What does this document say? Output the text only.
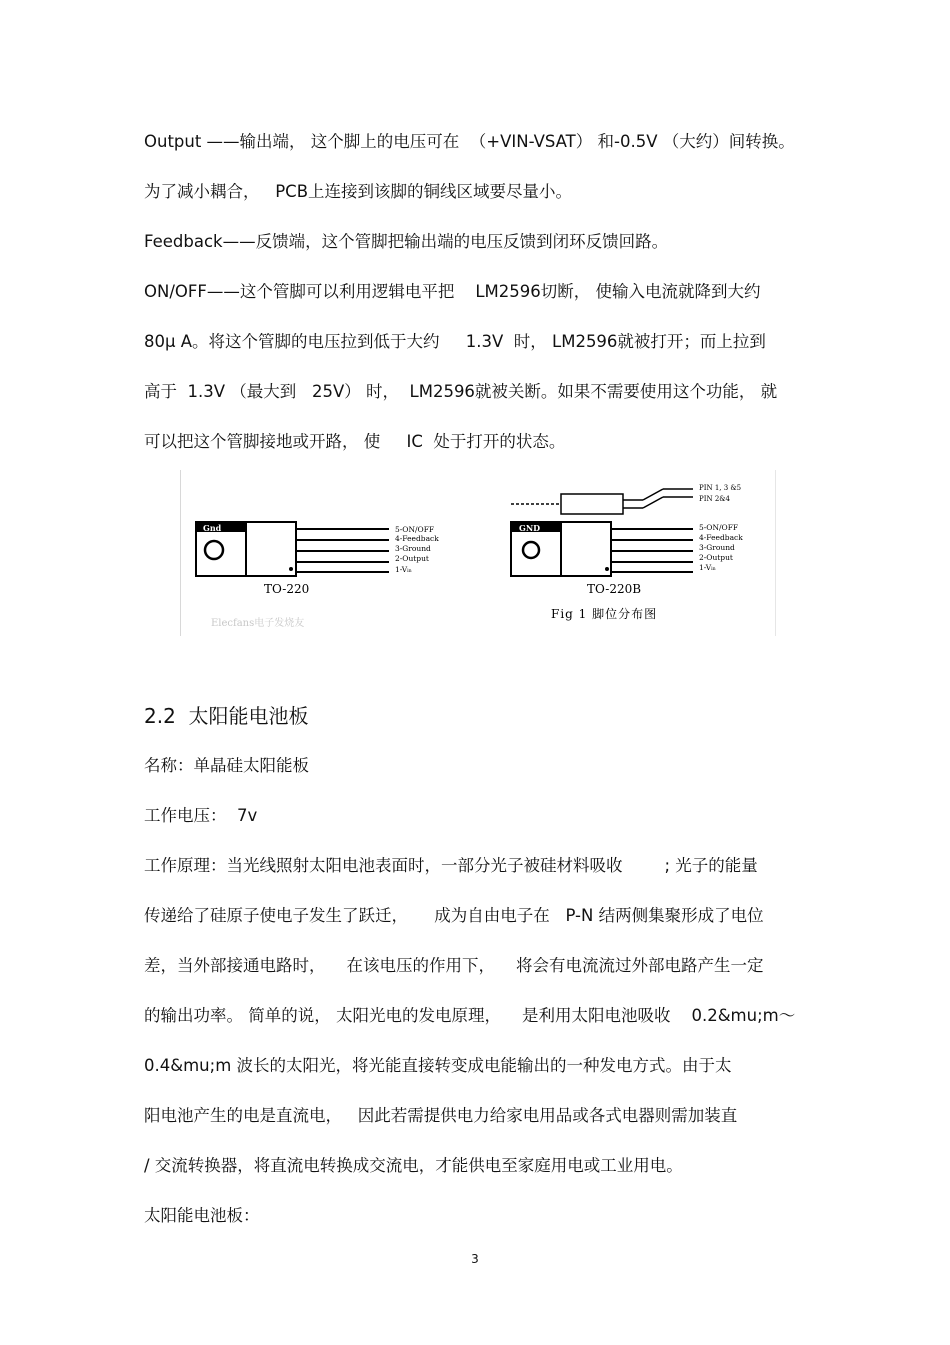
Output ——输出端， 这个脚上的电压可在  （+VIN-VSAT） 和-0.5V （大约）间转换。
为了减小耦合，   PCB上连接到该脚的铜线区域要尽量小。
Feedback——反馈端，这个管脚把输出端的电压反馈到闭环反馈回路。
ON/OFF——这个管脚可以利用逻辑电平把    LM2596切断， 使输入电流就降到大约
80μ A。将这个管脚的电压拉到低于大约     1.3V  时， LM2596就被打开；而上拉到
高于  1.3V （最大到   25V） 时，  LM2596就被关断。如果不需要使用这个功能， 就
可以把这个管脚接地或开路， 使     IC  处于打开的状态。
Gnd	5-ON/OFF
4-Feedback
3-Ground
2-Output
1-Vᵢₙ
TO-220
Elecfans电子发烧友
PIN 1, 3 &5
PIN 2&4
GND	5-ON/OFF
4-Feedback
3-Ground
2-Output
1-Vᵢₙ
TO-220B
Fig 1 脚位分布图
2.2  太阳能电池板
名称：单晶硅太阳能板
工作电压：  7v
工作原理：当光线照射太阳电池表面时，一部分光子被硅材料吸收        ; 光子的能量
传递给了硅原子使电子发生了跃迁，     成为自由电子在   P-N 结两侧集聚形成了电位
差，当外部接通电路时，    在该电压的作用下，    将会有电流流过外部电路产生一定
的输出功率。 简单的说， 太阳光电的发电原理，    是利用太阳电池吸收    0.2&mu;m～
0.4&mu;m 波长的太阳光，将光能直接转变成电能输出的一种发电方式。由于太
阳电池产生的电是直流电，   因此若需提供电力给家电用品或各式电器则需加装直
/ 交流转换器，将直流电转换成交流电，才能供电至家庭用电或工业用电。
太阳能电池板：
3
